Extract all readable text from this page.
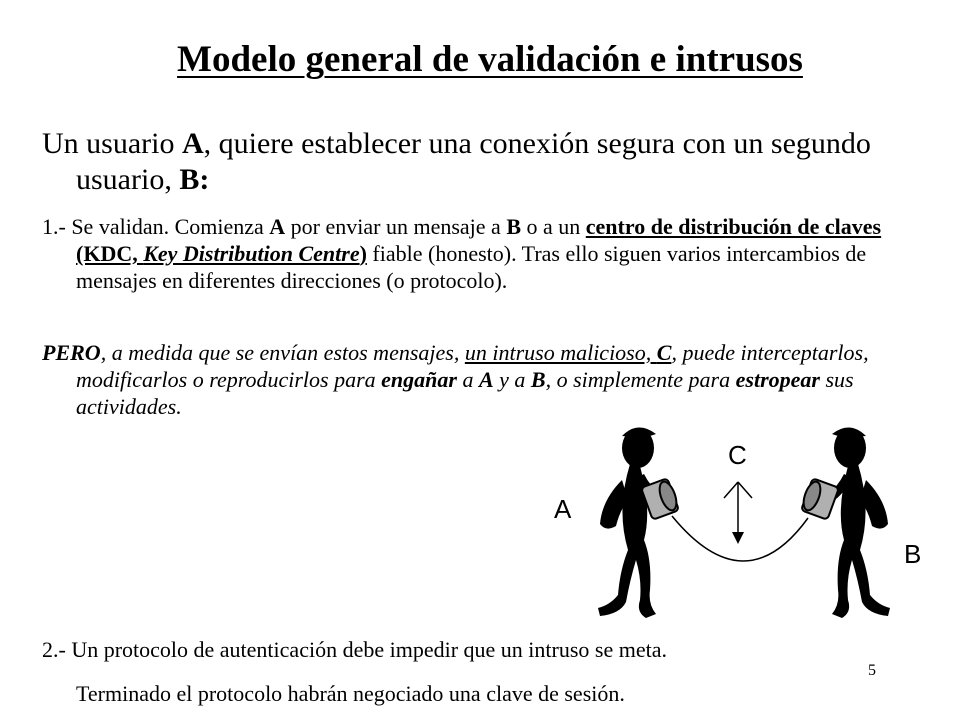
Modelo general de validación e intrusos
Un usuario A, quiere establecer una conexión segura con un segundo usuario, B:
1.- Se validan. Comienza A por enviar un mensaje a B o a un centro de distribución de claves (KDC, Key Distribution Centre) fiable (honesto). Tras ello siguen varios intercambios de mensajes en diferentes direcciones (o protocolo).
PERO, a medida que se envían estos mensajes, un intruso malicioso, C, puede interceptarlos, modificarlos o reproducirlos para engañar a A y a B, o simplemente para estropear sus actividades.
A
B
C
2.- Un protocolo de autenticación debe impedir que un intruso se meta.
5
Terminado el protocolo habrán negociado una clave de sesión.
